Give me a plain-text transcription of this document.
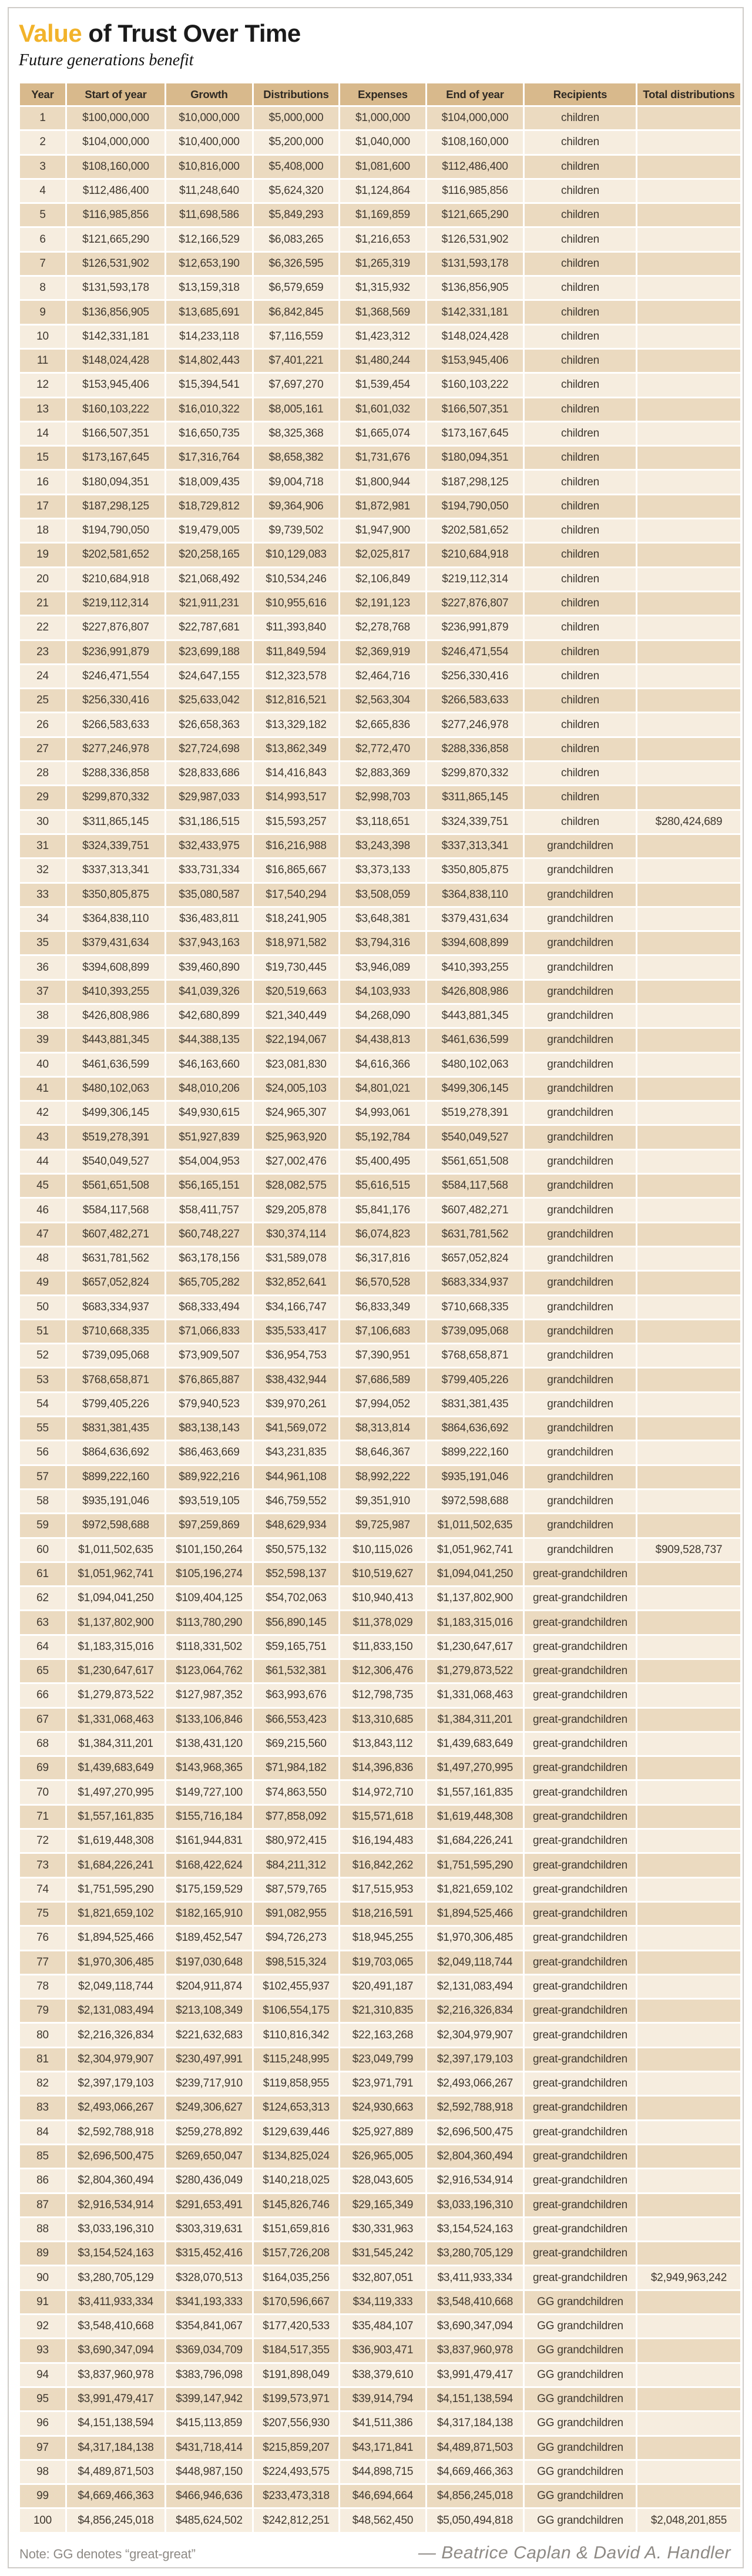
Value of Trust Over Time

Future generations benefit

Year	Start of year	Growth	Distributions	Expenses	End of year	Recipients	Total distributions
1	$100,000,000	$10,000,000	$5,000,000	$1,000,000	$104,000,000	children	
2	$104,000,000	$10,400,000	$5,200,000	$1,040,000	$108,160,000	children	
3	$108,160,000	$10,816,000	$5,408,000	$1,081,600	$112,486,400	children	
4	$112,486,400	$11,248,640	$5,624,320	$1,124,864	$116,985,856	children	
5	$116,985,856	$11,698,586	$5,849,293	$1,169,859	$121,665,290	children	
6	$121,665,290	$12,166,529	$6,083,265	$1,216,653	$126,531,902	children	
7	$126,531,902	$12,653,190	$6,326,595	$1,265,319	$131,593,178	children	
8	$131,593,178	$13,159,318	$6,579,659	$1,315,932	$136,856,905	children	
9	$136,856,905	$13,685,691	$6,842,845	$1,368,569	$142,331,181	children	
10	$142,331,181	$14,233,118	$7,116,559	$1,423,312	$148,024,428	children	
11	$148,024,428	$14,802,443	$7,401,221	$1,480,244	$153,945,406	children	
12	$153,945,406	$15,394,541	$7,697,270	$1,539,454	$160,103,222	children	
13	$160,103,222	$16,010,322	$8,005,161	$1,601,032	$166,507,351	children	
14	$166,507,351	$16,650,735	$8,325,368	$1,665,074	$173,167,645	children	
15	$173,167,645	$17,316,764	$8,658,382	$1,731,676	$180,094,351	children	
16	$180,094,351	$18,009,435	$9,004,718	$1,800,944	$187,298,125	children	
17	$187,298,125	$18,729,812	$9,364,906	$1,872,981	$194,790,050	children	
18	$194,790,050	$19,479,005	$9,739,502	$1,947,900	$202,581,652	children	
19	$202,581,652	$20,258,165	$10,129,083	$2,025,817	$210,684,918	children	
20	$210,684,918	$21,068,492	$10,534,246	$2,106,849	$219,112,314	children	
21	$219,112,314	$21,911,231	$10,955,616	$2,191,123	$227,876,807	children	
22	$227,876,807	$22,787,681	$11,393,840	$2,278,768	$236,991,879	children	
23	$236,991,879	$23,699,188	$11,849,594	$2,369,919	$246,471,554	children	
24	$246,471,554	$24,647,155	$12,323,578	$2,464,716	$256,330,416	children	
25	$256,330,416	$25,633,042	$12,816,521	$2,563,304	$266,583,633	children	
26	$266,583,633	$26,658,363	$13,329,182	$2,665,836	$277,246,978	children	
27	$277,246,978	$27,724,698	$13,862,349	$2,772,470	$288,336,858	children	
28	$288,336,858	$28,833,686	$14,416,843	$2,883,369	$299,870,332	children	
29	$299,870,332	$29,987,033	$14,993,517	$2,998,703	$311,865,145	children	
30	$311,865,145	$31,186,515	$15,593,257	$3,118,651	$324,339,751	children	$280,424,689
31	$324,339,751	$32,433,975	$16,216,988	$3,243,398	$337,313,341	grandchildren	
32	$337,313,341	$33,731,334	$16,865,667	$3,373,133	$350,805,875	grandchildren	
33	$350,805,875	$35,080,587	$17,540,294	$3,508,059	$364,838,110	grandchildren	
34	$364,838,110	$36,483,811	$18,241,905	$3,648,381	$379,431,634	grandchildren	
35	$379,431,634	$37,943,163	$18,971,582	$3,794,316	$394,608,899	grandchildren	
36	$394,608,899	$39,460,890	$19,730,445	$3,946,089	$410,393,255	grandchildren	
37	$410,393,255	$41,039,326	$20,519,663	$4,103,933	$426,808,986	grandchildren	
38	$426,808,986	$42,680,899	$21,340,449	$4,268,090	$443,881,345	grandchildren	
39	$443,881,345	$44,388,135	$22,194,067	$4,438,813	$461,636,599	grandchildren	
40	$461,636,599	$46,163,660	$23,081,830	$4,616,366	$480,102,063	grandchildren	
41	$480,102,063	$48,010,206	$24,005,103	$4,801,021	$499,306,145	grandchildren	
42	$499,306,145	$49,930,615	$24,965,307	$4,993,061	$519,278,391	grandchildren	
43	$519,278,391	$51,927,839	$25,963,920	$5,192,784	$540,049,527	grandchildren	
44	$540,049,527	$54,004,953	$27,002,476	$5,400,495	$561,651,508	grandchildren	
45	$561,651,508	$56,165,151	$28,082,575	$5,616,515	$584,117,568	grandchildren	
46	$584,117,568	$58,411,757	$29,205,878	$5,841,176	$607,482,271	grandchildren	
47	$607,482,271	$60,748,227	$30,374,114	$6,074,823	$631,781,562	grandchildren	
48	$631,781,562	$63,178,156	$31,589,078	$6,317,816	$657,052,824	grandchildren	
49	$657,052,824	$65,705,282	$32,852,641	$6,570,528	$683,334,937	grandchildren	
50	$683,334,937	$68,333,494	$34,166,747	$6,833,349	$710,668,335	grandchildren	
51	$710,668,335	$71,066,833	$35,533,417	$7,106,683	$739,095,068	grandchildren	
52	$739,095,068	$73,909,507	$36,954,753	$7,390,951	$768,658,871	grandchildren	
53	$768,658,871	$76,865,887	$38,432,944	$7,686,589	$799,405,226	grandchildren	
54	$799,405,226	$79,940,523	$39,970,261	$7,994,052	$831,381,435	grandchildren	
55	$831,381,435	$83,138,143	$41,569,072	$8,313,814	$864,636,692	grandchildren	
56	$864,636,692	$86,463,669	$43,231,835	$8,646,367	$899,222,160	grandchildren	
57	$899,222,160	$89,922,216	$44,961,108	$8,992,222	$935,191,046	grandchildren	
58	$935,191,046	$93,519,105	$46,759,552	$9,351,910	$972,598,688	grandchildren	
59	$972,598,688	$97,259,869	$48,629,934	$9,725,987	$1,011,502,635	grandchildren	
60	$1,011,502,635	$101,150,264	$50,575,132	$10,115,026	$1,051,962,741	grandchildren	$909,528,737
61	$1,051,962,741	$105,196,274	$52,598,137	$10,519,627	$1,094,041,250	great-grandchildren	
62	$1,094,041,250	$109,404,125	$54,702,063	$10,940,413	$1,137,802,900	great-grandchildren	
63	$1,137,802,900	$113,780,290	$56,890,145	$11,378,029	$1,183,315,016	great-grandchildren	
64	$1,183,315,016	$118,331,502	$59,165,751	$11,833,150	$1,230,647,617	great-grandchildren	
65	$1,230,647,617	$123,064,762	$61,532,381	$12,306,476	$1,279,873,522	great-grandchildren	
66	$1,279,873,522	$127,987,352	$63,993,676	$12,798,735	$1,331,068,463	great-grandchildren	
67	$1,331,068,463	$133,106,846	$66,553,423	$13,310,685	$1,384,311,201	great-grandchildren	
68	$1,384,311,201	$138,431,120	$69,215,560	$13,843,112	$1,439,683,649	great-grandchildren	
69	$1,439,683,649	$143,968,365	$71,984,182	$14,396,836	$1,497,270,995	great-grandchildren	
70	$1,497,270,995	$149,727,100	$74,863,550	$14,972,710	$1,557,161,835	great-grandchildren	
71	$1,557,161,835	$155,716,184	$77,858,092	$15,571,618	$1,619,448,308	great-grandchildren	
72	$1,619,448,308	$161,944,831	$80,972,415	$16,194,483	$1,684,226,241	great-grandchildren	
73	$1,684,226,241	$168,422,624	$84,211,312	$16,842,262	$1,751,595,290	great-grandchildren	
74	$1,751,595,290	$175,159,529	$87,579,765	$17,515,953	$1,821,659,102	great-grandchildren	
75	$1,821,659,102	$182,165,910	$91,082,955	$18,216,591	$1,894,525,466	great-grandchildren	
76	$1,894,525,466	$189,452,547	$94,726,273	$18,945,255	$1,970,306,485	great-grandchildren	
77	$1,970,306,485	$197,030,648	$98,515,324	$19,703,065	$2,049,118,744	great-grandchildren	
78	$2,049,118,744	$204,911,874	$102,455,937	$20,491,187	$2,131,083,494	great-grandchildren	
79	$2,131,083,494	$213,108,349	$106,554,175	$21,310,835	$2,216,326,834	great-grandchildren	
80	$2,216,326,834	$221,632,683	$110,816,342	$22,163,268	$2,304,979,907	great-grandchildren	
81	$2,304,979,907	$230,497,991	$115,248,995	$23,049,799	$2,397,179,103	great-grandchildren	
82	$2,397,179,103	$239,717,910	$119,858,955	$23,971,791	$2,493,066,267	great-grandchildren	
83	$2,493,066,267	$249,306,627	$124,653,313	$24,930,663	$2,592,788,918	great-grandchildren	
84	$2,592,788,918	$259,278,892	$129,639,446	$25,927,889	$2,696,500,475	great-grandchildren	
85	$2,696,500,475	$269,650,047	$134,825,024	$26,965,005	$2,804,360,494	great-grandchildren	
86	$2,804,360,494	$280,436,049	$140,218,025	$28,043,605	$2,916,534,914	great-grandchildren	
87	$2,916,534,914	$291,653,491	$145,826,746	$29,165,349	$3,033,196,310	great-grandchildren	
88	$3,033,196,310	$303,319,631	$151,659,816	$30,331,963	$3,154,524,163	great-grandchildren	
89	$3,154,524,163	$315,452,416	$157,726,208	$31,545,242	$3,280,705,129	great-grandchildren	
90	$3,280,705,129	$328,070,513	$164,035,256	$32,807,051	$3,411,933,334	great-grandchildren	$2,949,963,242
91	$3,411,933,334	$341,193,333	$170,596,667	$34,119,333	$3,548,410,668	GG grandchildren	
92	$3,548,410,668	$354,841,067	$177,420,533	$35,484,107	$3,690,347,094	GG grandchildren	
93	$3,690,347,094	$369,034,709	$184,517,355	$36,903,471	$3,837,960,978	GG grandchildren	
94	$3,837,960,978	$383,796,098	$191,898,049	$38,379,610	$3,991,479,417	GG grandchildren	
95	$3,991,479,417	$399,147,942	$199,573,971	$39,914,794	$4,151,138,594	GG grandchildren	
96	$4,151,138,594	$415,113,859	$207,556,930	$41,511,386	$4,317,184,138	GG grandchildren	
97	$4,317,184,138	$431,718,414	$215,859,207	$43,171,841	$4,489,871,503	GG grandchildren	
98	$4,489,871,503	$448,987,150	$224,493,575	$44,898,715	$4,669,466,363	GG grandchildren	
99	$4,669,466,363	$466,946,636	$233,473,318	$46,694,664	$4,856,245,018	GG grandchildren	
100	$4,856,245,018	$485,624,502	$242,812,251	$48,562,450	$5,050,494,818	GG grandchildren	$2,048,201,855
Note: GG denotes “great-great”	— Beatrice Caplan & David A. Handler
